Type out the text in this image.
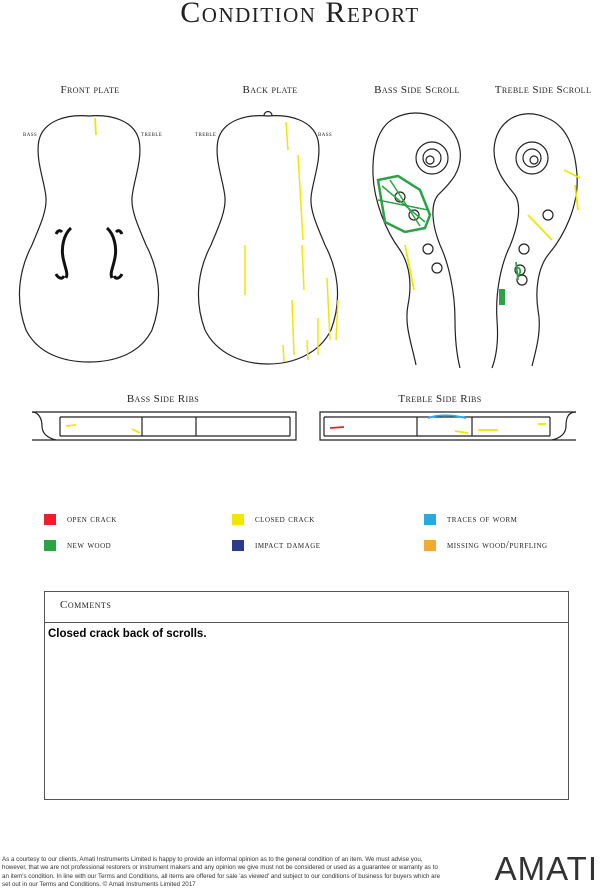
Condition Report
Front plate	Back plate	Bass Side Scroll	Treble Side Scroll
bass	treble	treble	bass
Bass Side Ribs	Treble Side Ribs
open crack	closed crack	traces of worm
new wood	impact damage	missing wood/purfling
Comments
Closed crack back of scrolls.
As a courtesy to our clients, Amati Instruments Limited is happy to provide an informal opinion as to the general condition of an item. We must advise you, however, that we are not professional restorers or instrument makers and any opinion we give must not be considered or used as a guarantee or warranty as to an item's condition. In line with our Terms and Conditions, all items are offered for sale 'as viewed' and subject to our conditions of business for buyers which are set out in our Terms and Conditions. © Amati Instruments Limited 2017	AMATI
